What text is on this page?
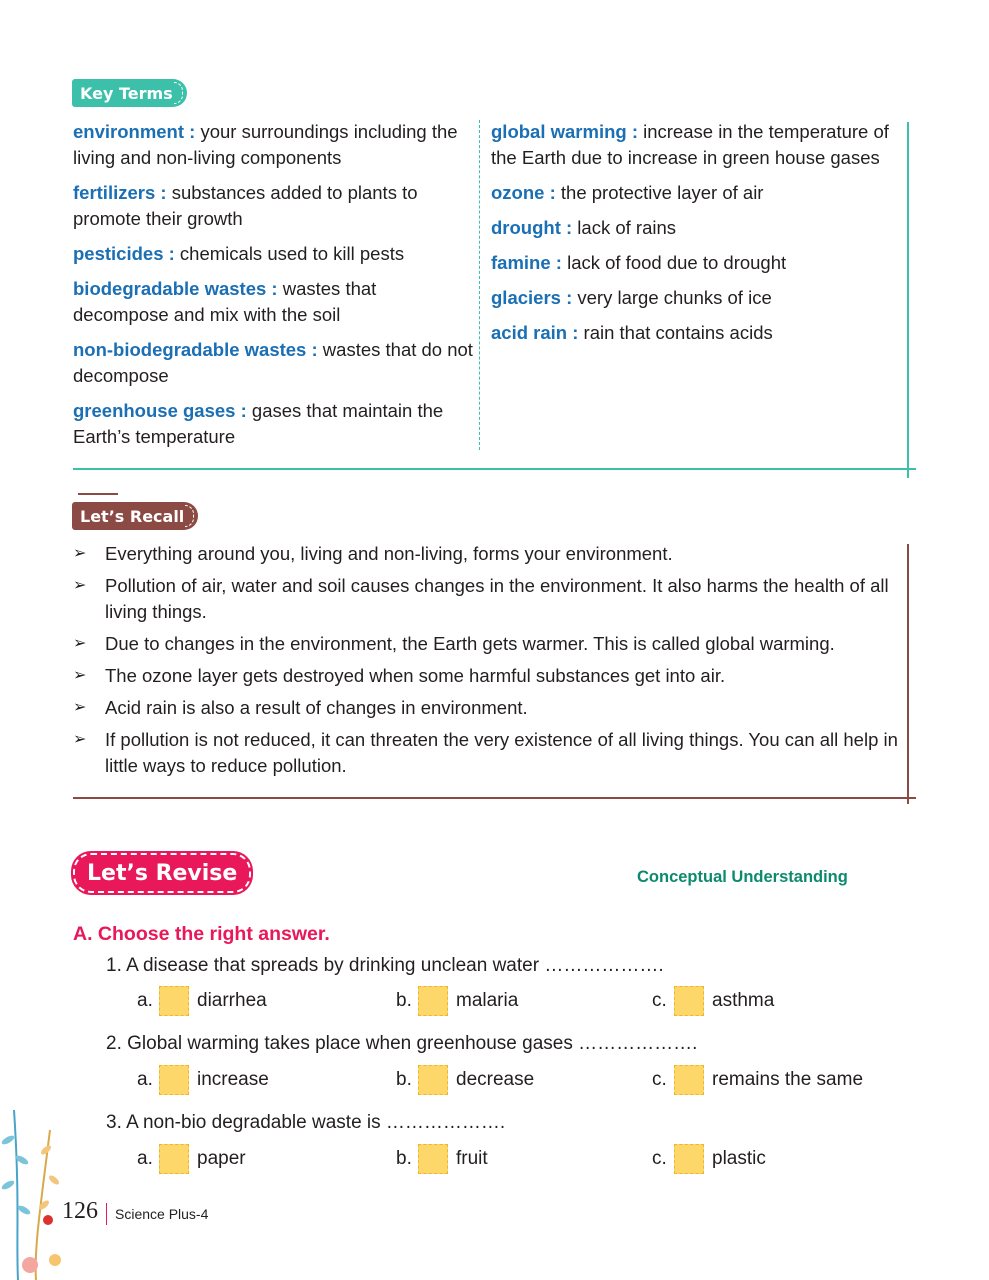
Key Terms

environment : your surroundings including the living and non-living components

fertilizers : substances added to plants to promote their growth

pesticides : chemicals used to kill pests

biodegradable wastes : wastes that decompose and mix with the soil

non-biodegradable wastes : wastes that do not decompose

greenhouse gases : gases that maintain the Earth’s temperature

global warming : increase in the temperature of the Earth due to increase in green house gases

ozone : the protective layer of air

drought : lack of rains

famine : lack of food due to drought

glaciers : very large chunks of ice

acid rain : rain that contains acids

Let’s Recall
➢ Everything around you, living and non-living, forms your environment.
➢ Pollution of air, water and soil causes changes in the environment. It also harms the health of all living things.
➢ Due to changes in the environment, the Earth gets warmer. This is called global warming.
➢ The ozone layer gets destroyed when some harmful substances get into air.
➢ Acid rain is also a result of changes in environment.
➢ If pollution is not reduced, it can threaten the very existence of all living things. You can all help in little ways to reduce pollution.
Let’s Revise	Conceptual Understanding
A. Choose the right answer.
1. A disease that spreads by drinking unclean water ……………….
a.	diarrhea	b.	malaria	c.	asthma
2. Global warming takes place when greenhouse gases ……………….
a.	increase	b.	decrease	c.	remains the same
3. A non-bio degradable waste is ……………….
a.	paper	b.	fruit	c.	plastic
126 Science Plus-4
